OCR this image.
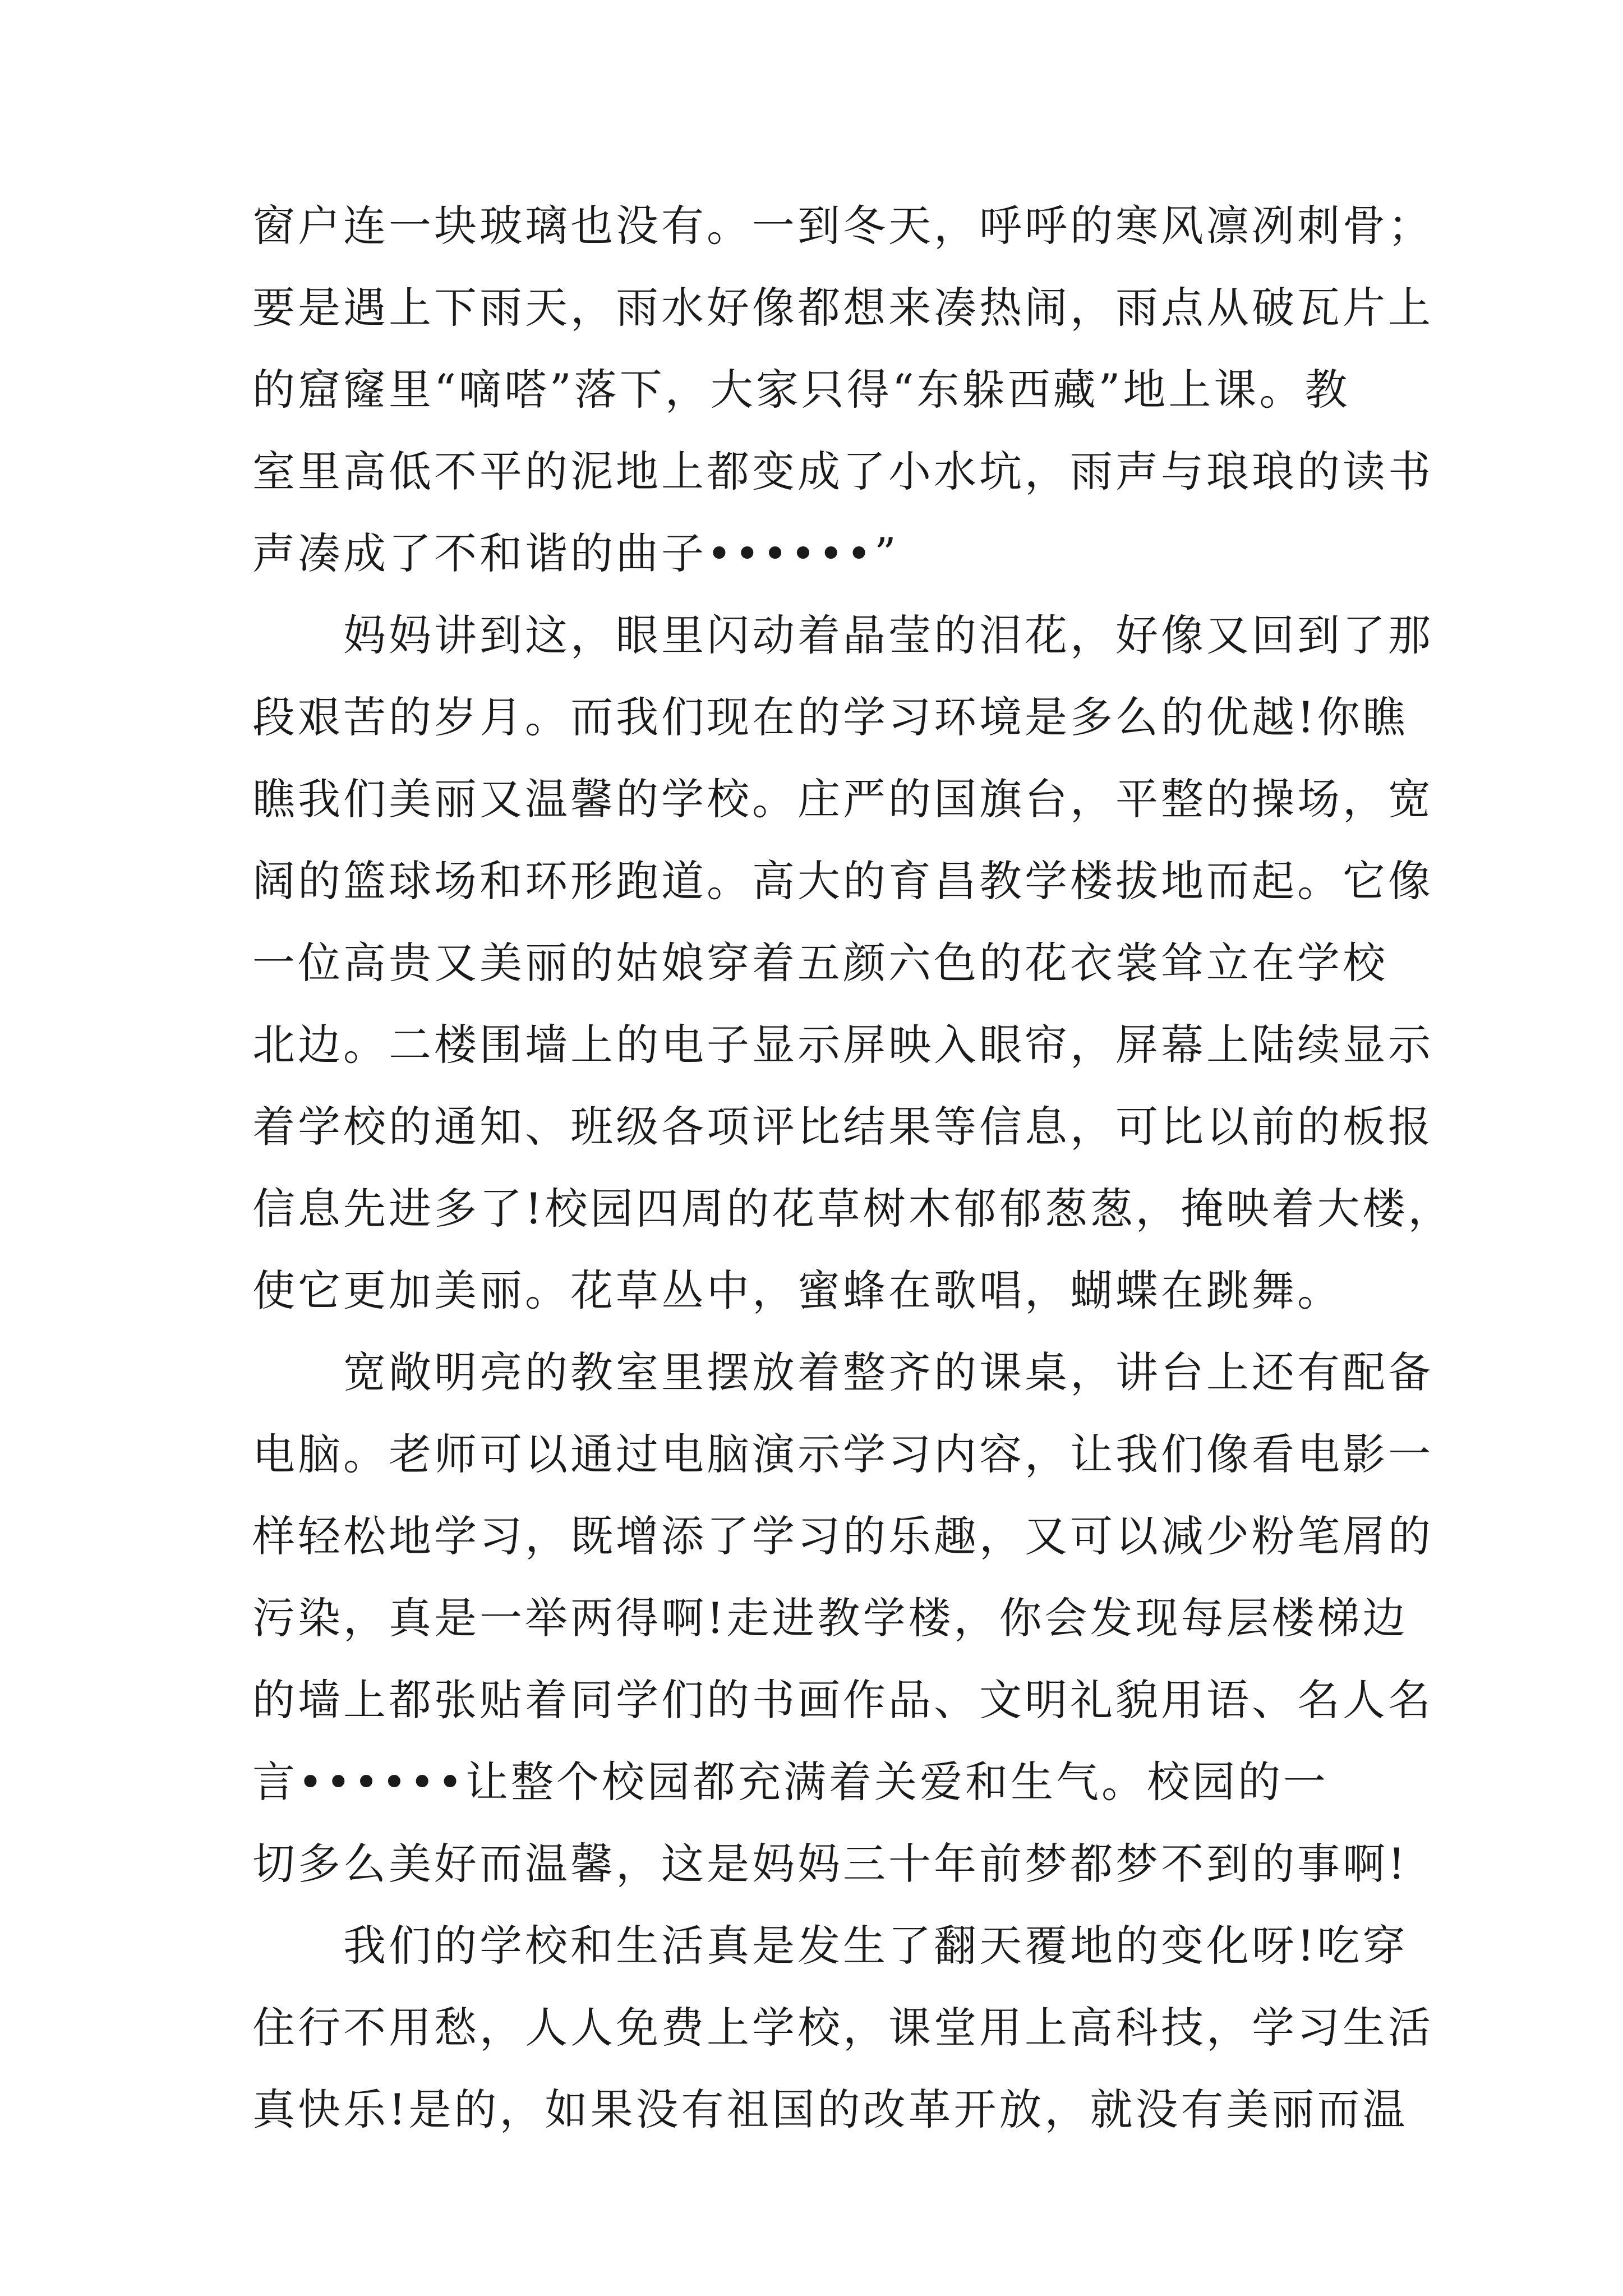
窗户连一块玻璃也没有。一到冬天，呼呼的寒风凛冽刺骨；
要是遇上下雨天，雨水好像都想来凑热闹，雨点从破瓦片上
的窟窿里“嘀嗒”落下，大家只得“东躲西藏”地上课。教
室里高低不平的泥地上都变成了小水坑，雨声与琅琅的读书
声凑成了不和谐的曲子••••••”
妈妈讲到这，眼里闪动着晶莹的泪花，好像又回到了那
段艰苦的岁月。而我们现在的学习环境是多么的优越!你瞧
瞧我们美丽又温馨的学校。庄严的国旗台，平整的操场，宽
阔的篮球场和环形跑道。高大的育昌教学楼拔地而起。它像
一位高贵又美丽的姑娘穿着五颜六色的花衣裳耸立在学校
北边。二楼围墙上的电子显示屏映入眼帘，屏幕上陆续显示
着学校的通知、班级各项评比结果等信息，可比以前的板报
信息先进多了!校园四周的花草树木郁郁葱葱，掩映着大楼，
使它更加美丽。花草丛中，蜜蜂在歌唱，蝴蝶在跳舞。
宽敞明亮的教室里摆放着整齐的课桌，讲台上还有配备
电脑。老师可以通过电脑演示学习内容，让我们像看电影一
样轻松地学习，既增添了学习的乐趣，又可以减少粉笔屑的
污染，真是一举两得啊!走进教学楼，你会发现每层楼梯边
的墙上都张贴着同学们的书画作品、文明礼貌用语、名人名
言••••••让整个校园都充满着关爱和生气。校园的一
切多么美好而温馨，这是妈妈三十年前梦都梦不到的事啊!
我们的学校和生活真是发生了翻天覆地的变化呀!吃穿
住行不用愁，人人免费上学校，课堂用上高科技，学习生活
真快乐!是的，如果没有祖国的改革开放，就没有美丽而温
